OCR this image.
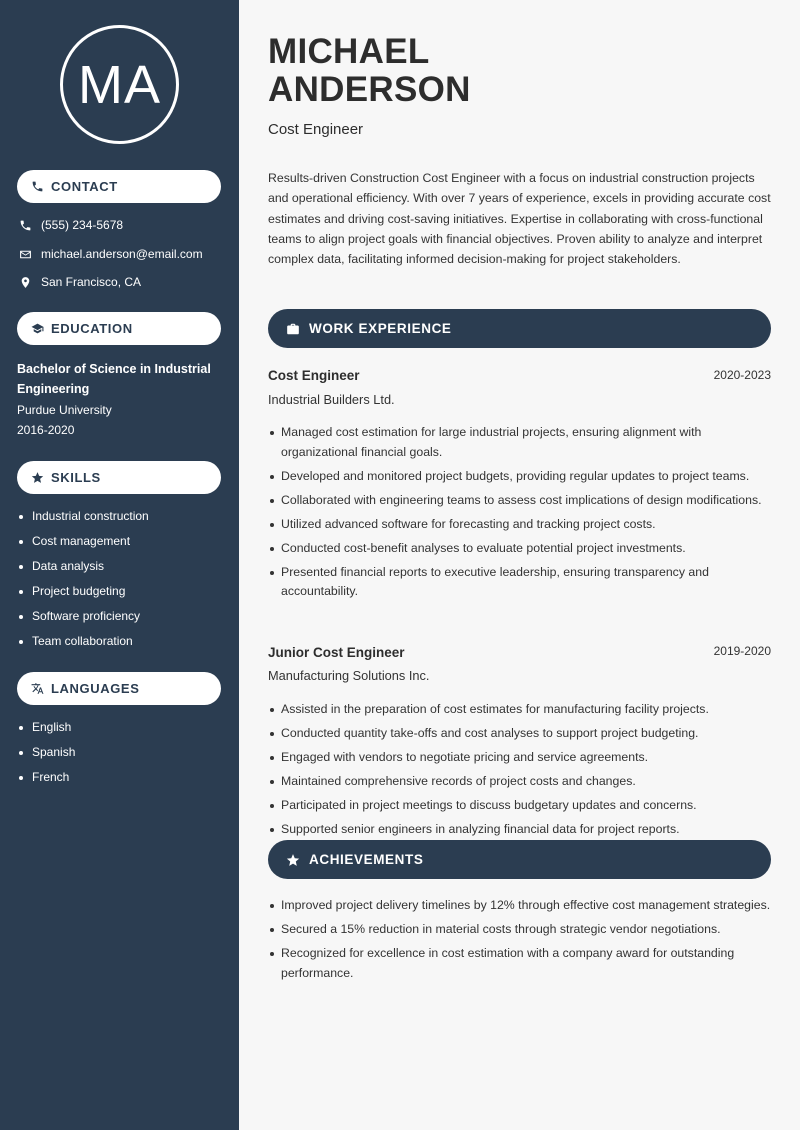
MA
CONTACT
(555) 234-5678
michael.anderson@email.com
San Francisco, CA
EDUCATION
Bachelor of Science in Industrial Engineering
Purdue University
2016-2020
SKILLS
Industrial construction
Cost management
Data analysis
Project budgeting
Software proficiency
Team collaboration
LANGUAGES
English
Spanish
French
MICHAEL
ANDERSON
Cost Engineer

Results-driven Construction Cost Engineer with a focus on industrial construction projects and operational efficiency. With over 7 years of experience, excels in providing accurate cost estimates and driving cost-saving initiatives. Expertise in collaborating with cross-functional teams to align project goals with financial objectives. Proven ability to analyze and interpret complex data, facilitating informed decision-making for project stakeholders.

WORK EXPERIENCE
Cost Engineer	2020-2023
Industrial Builders Ltd.
Managed cost estimation for large industrial projects, ensuring alignment with organizational financial goals.
Developed and monitored project budgets, providing regular updates to project teams.
Collaborated with engineering teams to assess cost implications of design modifications.
Utilized advanced software for forecasting and tracking project costs.
Conducted cost-benefit analyses to evaluate potential project investments.
Presented financial reports to executive leadership, ensuring transparency and accountability.
Junior Cost Engineer	2019-2020
Manufacturing Solutions Inc.
Assisted in the preparation of cost estimates for manufacturing facility projects.
Conducted quantity take-offs and cost analyses to support project budgeting.
Engaged with vendors to negotiate pricing and service agreements.
Maintained comprehensive records of project costs and changes.
Participated in project meetings to discuss budgetary updates and concerns.
Supported senior engineers in analyzing financial data for project reports.
ACHIEVEMENTS
Improved project delivery timelines by 12% through effective cost management strategies.
Secured a 15% reduction in material costs through strategic vendor negotiations.
Recognized for excellence in cost estimation with a company award for outstanding performance.
